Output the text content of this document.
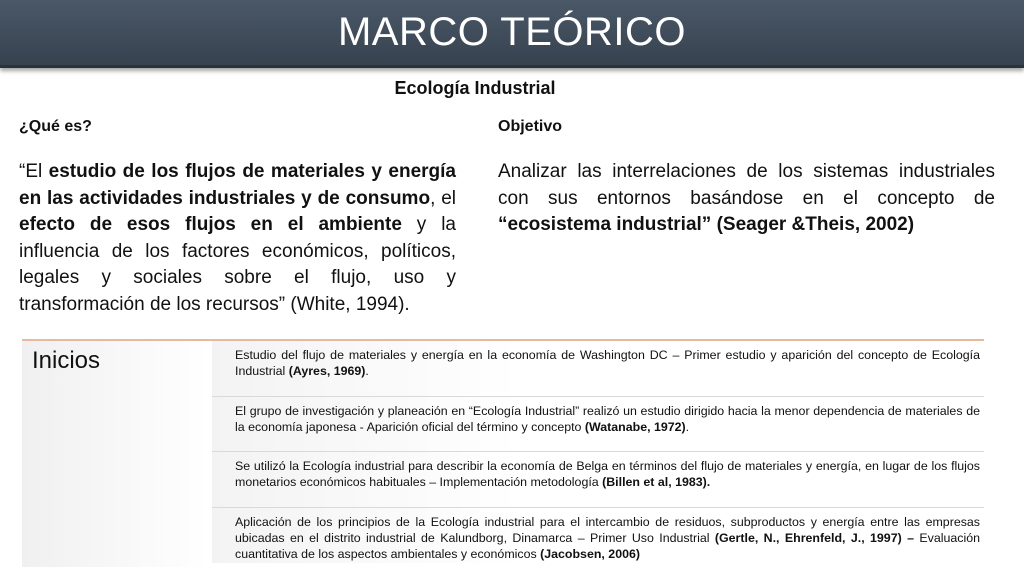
MARCO TEÓRICO
Ecología Industrial
¿Qué es?	Objetivo
“El estudio de los flujos de materiales y energía en las actividades industriales y de consumo, el efecto de esos flujos en el ambiente y la influencia de los factores económicos, políticos, legales y sociales sobre el flujo, uso y transformación de los recursos” (White, 1994).
Analizar las interrelaciones de los sistemas industriales con sus entornos basándose en el concepto de “ecosistema industrial” (Seager &Theis, 2002)
Inicios	Estudio del flujo de materiales y energía en la economía de Washington DC – Primer estudio y aparición del concepto de Ecología Industrial (Ayres, 1969).
El grupo de investigación y planeación en “Ecología Industrial” realizó un estudio dirigido hacia la menor dependencia de materiales de la economía japonesa - Aparición oficial del término y concepto (Watanabe, 1972).
Se utilizó la Ecología industrial para describir la economía de Belga en términos del flujo de materiales y energía, en lugar de los flujos monetarios económicos habituales – Implementación metodología (Billen et al, 1983).
Aplicación de los principios de la Ecología industrial para el intercambio de residuos, subproductos y energía entre las empresas ubicadas en el distrito industrial de Kalundborg, Dinamarca – Primer Uso Industrial (Gertle, N., Ehrenfeld, J., 1997) – Evaluación cuantitativa de los aspectos ambientales y económicos (Jacobsen, 2006)
